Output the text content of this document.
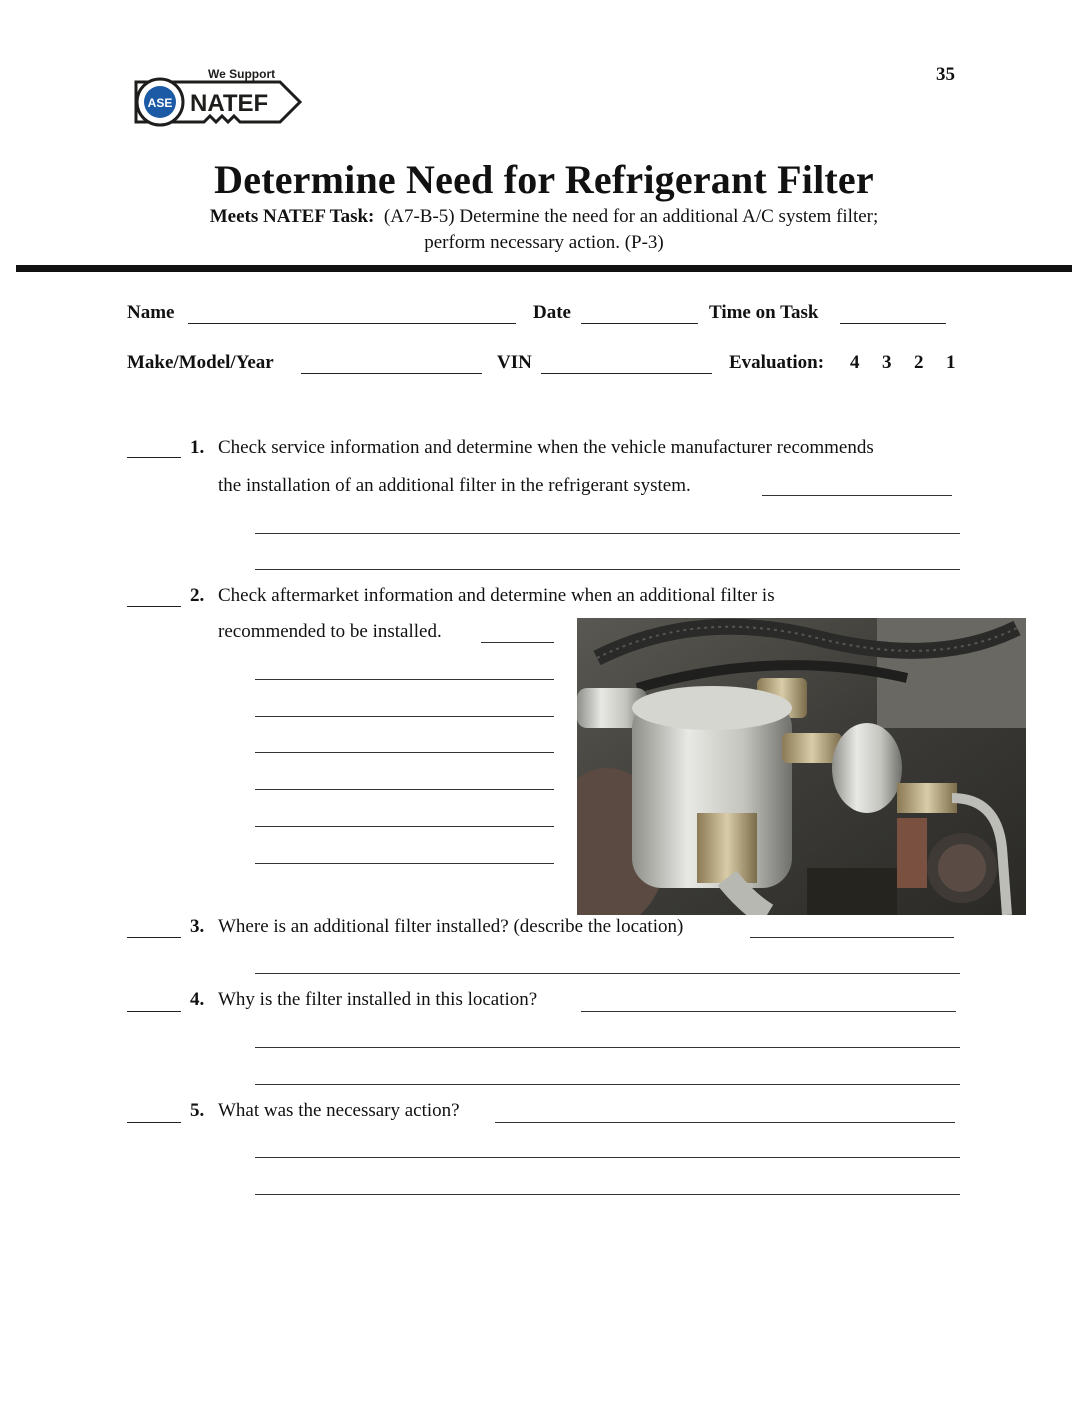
35
ASE
We Support
NATEF
Determine Need for Refrigerant Filter
Meets NATEF Task: (A7-B-5) Determine the need for an additional A/C system filter;
perform necessary action. (P-3)
Name	Date	Time on Task
Make/Model/Year	VIN	Evaluation: 4 3 2 1
1. Check service information and determine when the vehicle manufacturer recommends
the installation of an additional filter in the refrigerant system.
2. Check aftermarket information and determine when an additional filter is
recommended to be installed.
3. Where is an additional filter installed? (describe the location)
4. Why is the filter installed in this location?
5. What was the necessary action?
